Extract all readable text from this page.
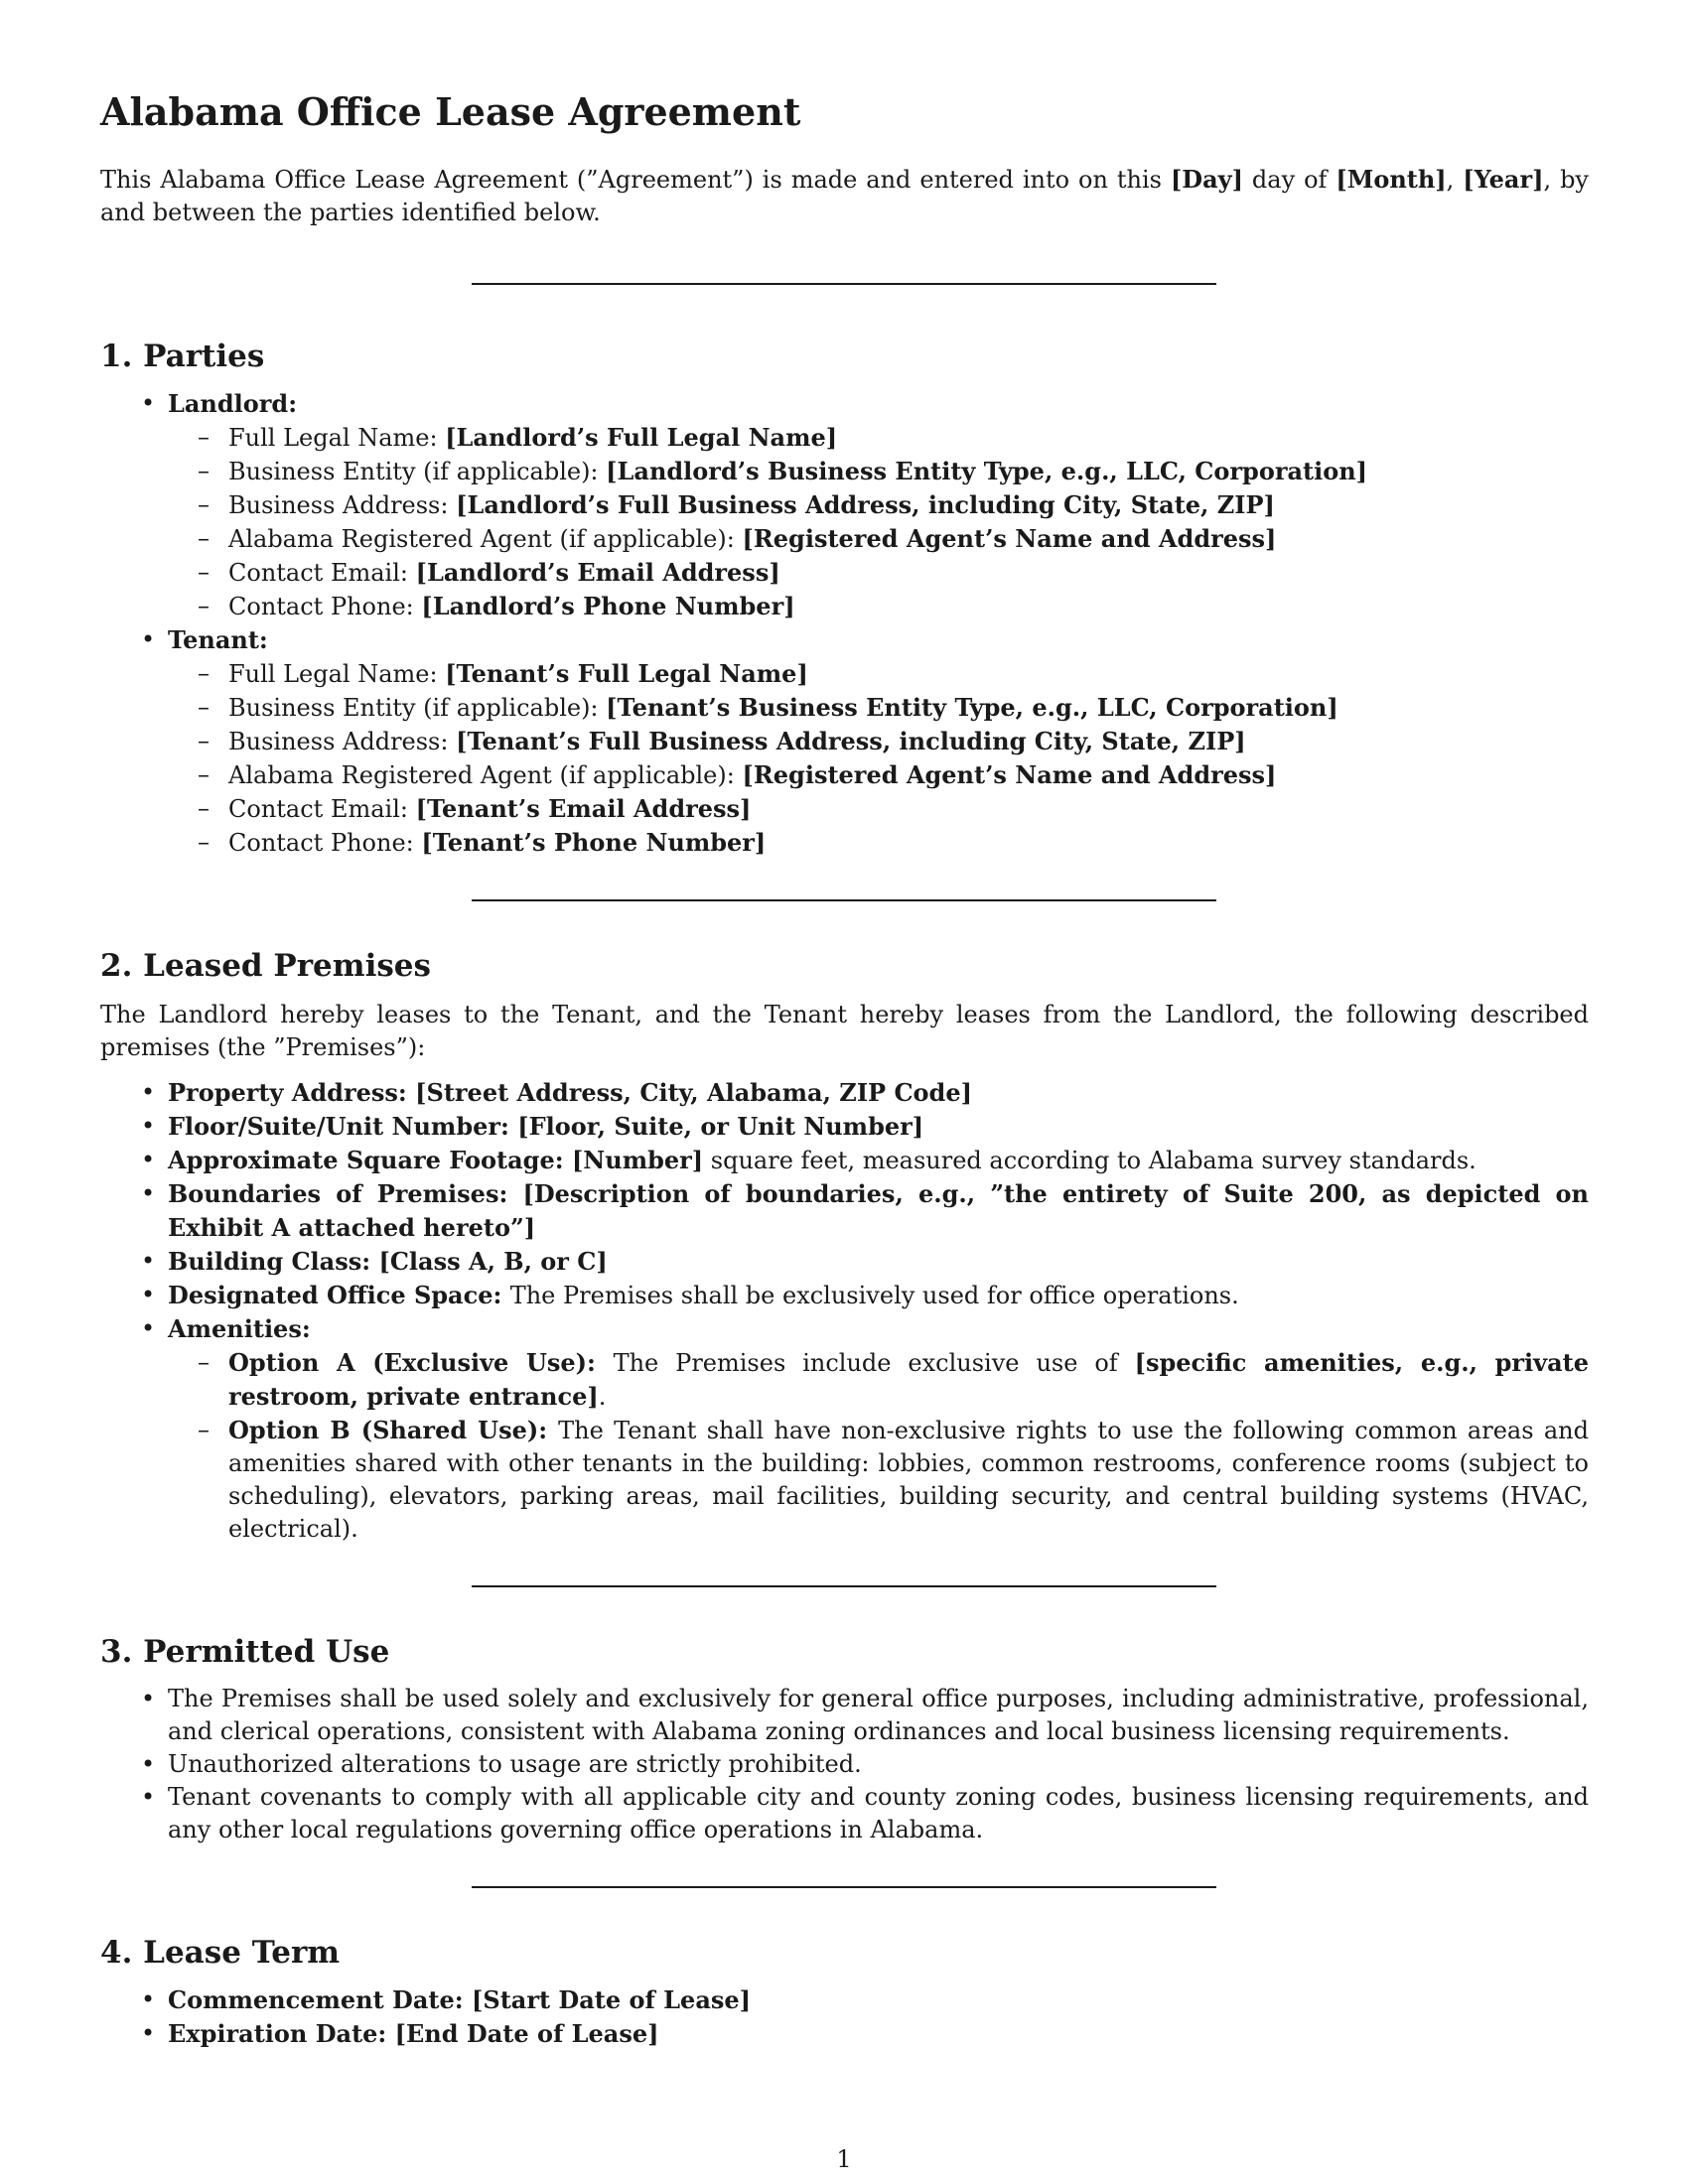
Alabama Office Lease Agreement

This Alabama Office Lease Agreement (”Agreement”) is made and entered into on this [Day] day of [Month], [Year], by and between the parties identified below.

1. Parties
• Landlord:
– Full Legal Name: [Landlord’s Full Legal Name]
– Business Entity (if applicable): [Landlord’s Business Entity Type, e.g., LLC, Corporation]
– Business Address: [Landlord’s Full Business Address, including City, State, ZIP]
– Alabama Registered Agent (if applicable): [Registered Agent’s Name and Address]
– Contact Email: [Landlord’s Email Address]
– Contact Phone: [Landlord’s Phone Number]
• Tenant:
– Full Legal Name: [Tenant’s Full Legal Name]
– Business Entity (if applicable): [Tenant’s Business Entity Type, e.g., LLC, Corporation]
– Business Address: [Tenant’s Full Business Address, including City, State, ZIP]
– Alabama Registered Agent (if applicable): [Registered Agent’s Name and Address]
– Contact Email: [Tenant’s Email Address]
– Contact Phone: [Tenant’s Phone Number]
2. Leased Premises

The Landlord hereby leases to the Tenant, and the Tenant hereby leases from the Landlord, the following described premises (the ”Premises”):

• Property Address: [Street Address, City, Alabama, ZIP Code]
• Floor/Suite/Unit Number: [Floor, Suite, or Unit Number]
• Approximate Square Footage: [Number] square feet, measured according to Alabama survey standards.
• Boundaries of Premises: [Description of boundaries, e.g., ”the entirety of Suite 200, as depicted on Exhibit A attached hereto”]
• Building Class: [Class A, B, or C]
• Designated Office Space: The Premises shall be exclusively used for office operations.
• Amenities:
– Option A (Exclusive Use): The Premises include exclusive use of [specific amenities, e.g., private restroom, private entrance].
– Option B (Shared Use): The Tenant shall have non-exclusive rights to use the following common areas and amenities shared with other tenants in the building: lobbies, common restrooms, conference rooms (subject to scheduling), elevators, parking areas, mail facilities, building security, and central building systems (HVAC, electrical).
3. Permitted Use
• The Premises shall be used solely and exclusively for general office purposes, including administrative, professional, and clerical operations, consistent with Alabama zoning ordinances and local business licensing requirements.
• Unauthorized alterations to usage are strictly prohibited.
• Tenant covenants to comply with all applicable city and county zoning codes, business licensing requirements, and any other local regulations governing office operations in Alabama.
4. Lease Term
• Commencement Date: [Start Date of Lease]
• Expiration Date: [End Date of Lease]
1
